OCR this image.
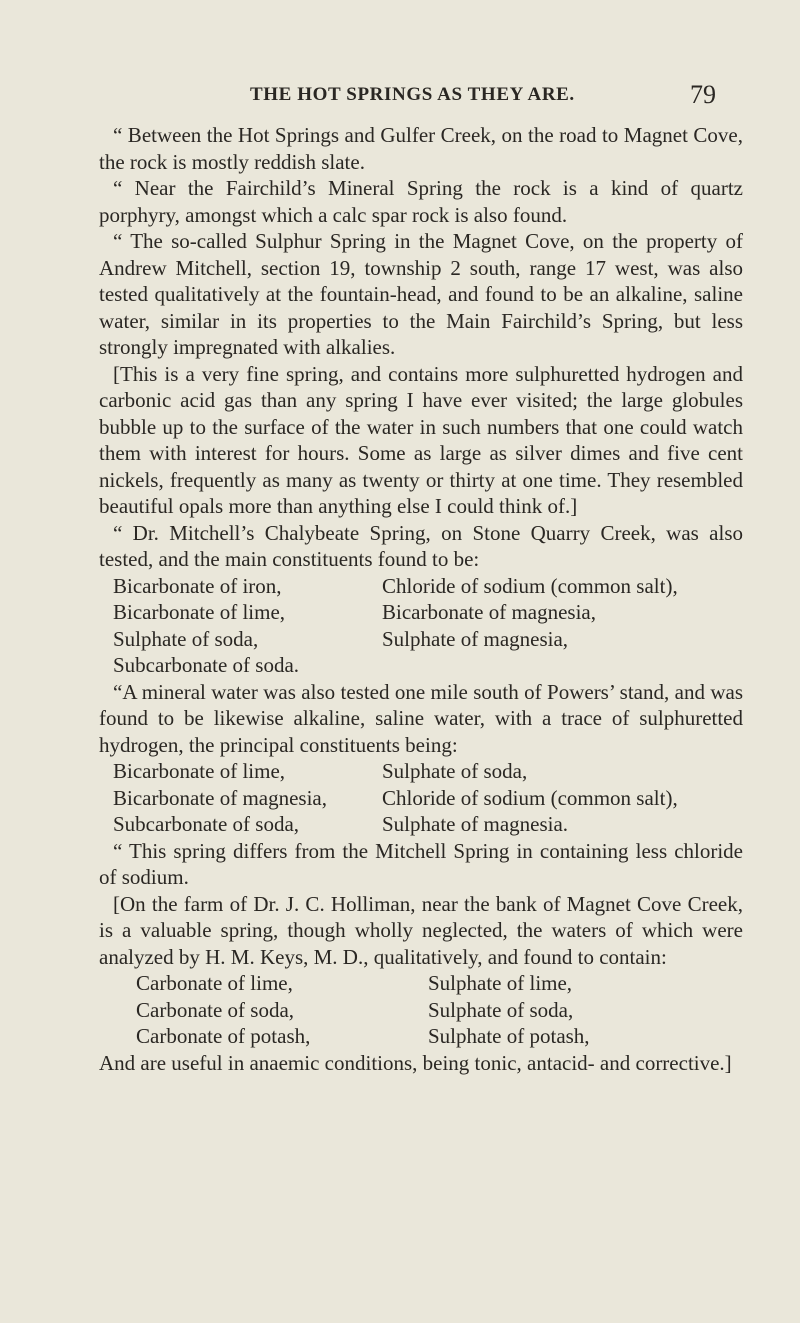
THE HOT SPRINGS AS THEY ARE.	79

“ Between the Hot Springs and Gulfer Creek, on the road to Magnet Cove, the rock is mostly reddish slate.

“ Near the Fairchild’s Mineral Spring the rock is a kind of quartz porphyry, amongst which a calc spar rock is also found.

“ The so-called Sulphur Spring in the Magnet Cove, on the property of Andrew Mitchell, section 19, township 2 south, range 17 west, was also tested qualitatively at the fountain-head, and found to be an alkaline, saline water, similar in its properties to the Main Fairchild’s Spring, but less strongly impregnated with alkalies.

[This is a very fine spring, and contains more sulphuretted hydrogen and carbonic acid gas than any spring I have ever visited; the large globules bubble up to the surface of the water in such numbers that one could watch them with interest for hours. Some as large as silver dimes and five cent nickels, frequently as many as twenty or thirty at one time. They resembled beautiful opals more than anything else I could think of.]

“ Dr. Mitchell’s Chalybeate Spring, on Stone Quarry Creek, was also tested, and the main constituents found to be:

Bicarbonate of iron,	Chloride of sodium (common salt),
Bicarbonate of lime,	Bicarbonate of magnesia,
Sulphate of soda,	Sulphate of magnesia,
Subcarbonate of soda.

“A mineral water was also tested one mile south of Powers’ stand, and was found to be likewise alkaline, saline water, with a trace of sulphuretted hydrogen, the principal constituents being:

Bicarbonate of lime,	Sulphate of soda,
Bicarbonate of magnesia,	Chloride of sodium (common salt),
Subcarbonate of soda,	Sulphate of magnesia.

“ This spring differs from the Mitchell Spring in containing less chloride of sodium.

[On the farm of Dr. J. C. Holliman, near the bank of Magnet Cove Creek, is a valuable spring, though wholly neglected, the waters of which were analyzed by H. M. Keys, M. D., qualitatively, and found to contain:

Carbonate of lime,	Sulphate of lime,
Carbonate of soda,	Sulphate of soda,
Carbonate of potash,	Sulphate of potash,

And are useful in anaemic conditions, being tonic, antacid- and corrective.]
